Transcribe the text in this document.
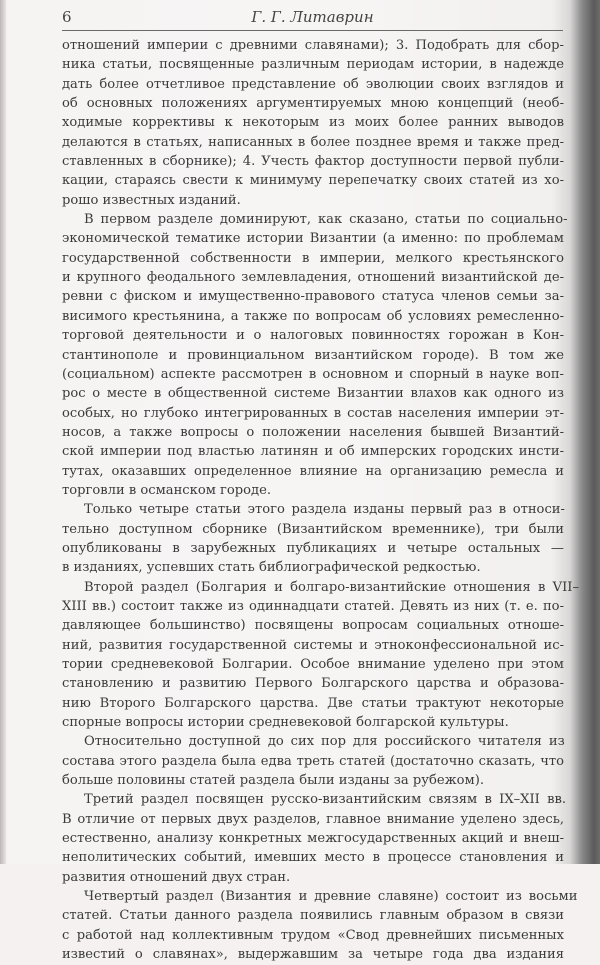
6	Г. Г. Литаврин
отношений империи с древними славянами); 3. Подобрать для сбор-
ника статьи, посвященные различным периодам истории, в надежде
дать более отчетливое представление об эволюции своих взглядов и
об основных положениях аргументируемых мною концепций (необ-
ходимые коррективы к некоторым из моих более ранних выводов
делаются в статьях, написанных в более позднее время и также пред-
ставленных в сборнике); 4. Учесть фактор доступности первой публи-
кации, стараясь свести к минимуму перепечатку своих статей из хо-
рошо известных изданий.
В первом разделе доминируют, как сказано, статьи по социально-
экономической тематике истории Византии (а именно: по проблемам
государственной собственности в империи, мелкого крестьянского
и крупного феодального землевладения, отношений византийской де-
ревни с фиском и имущественно-правового статуса членов семьи за-
висимого крестьянина, а также по вопросам об условиях ремесленно-
торговой деятельности и о налоговых повинностях горожан в Кон-
стантинополе и провинциальном византийском городе). В том же
(социальном) аспекте рассмотрен в основном и спорный в науке воп-
рос о месте в общественной системе Византии влахов как одного из
особых, но глубоко интегрированных в состав населения империи эт-
носов, а также вопросы о положении населения бывшей Византий-
ской империи под властью латинян и об имперских городских инсти-
тутах, оказавших определенное влияние на организацию ремесла и
торговли в османском городе.
Только четыре статьи этого раздела изданы первый раз в относи-
тельно доступном сборнике (Византийском временнике), три были
опубликованы в зарубежных публикациях и четыре остальных —
в изданиях, успевших стать библиографической редкостью.
Второй раздел (Болгария и болгаро-византийские отношения в VII–
XIII вв.) состоит также из одиннадцати статей. Девять из них (т. е. по-
давляющее большинство) посвящены вопросам социальных отноше-
ний, развития государственной системы и этноконфессиональной ис-
тории средневековой Болгарии. Особое внимание уделено при этом
становлению и развитию Первого Болгарского царства и образова-
нию Второго Болгарского царства. Две статьи трактуют некоторые
спорные вопросы истории средневековой болгарской культуры.
Относительно доступной до сих пор для российского читателя из
состава этого раздела была едва треть статей (достаточно сказать, что
больше половины статей раздела были изданы за рубежом).
Третий раздел посвящен русско-византийским связям в IX–XII вв.
В отличие от первых двух разделов, главное внимание уделено здесь,
естественно, анализу конкретных межгосударственных акций и внеш-
неполитических событий, имевших место в процессе становления и
развития отношений двух стран.
Четвертый раздел (Византия и древние славяне) состоит из восьми
статей. Статьи данного раздела появились главным образом в связи
с работой над коллективным трудом «Свод древнейших письменных
известий о славянах», выдержавшим за четыре года два издания
